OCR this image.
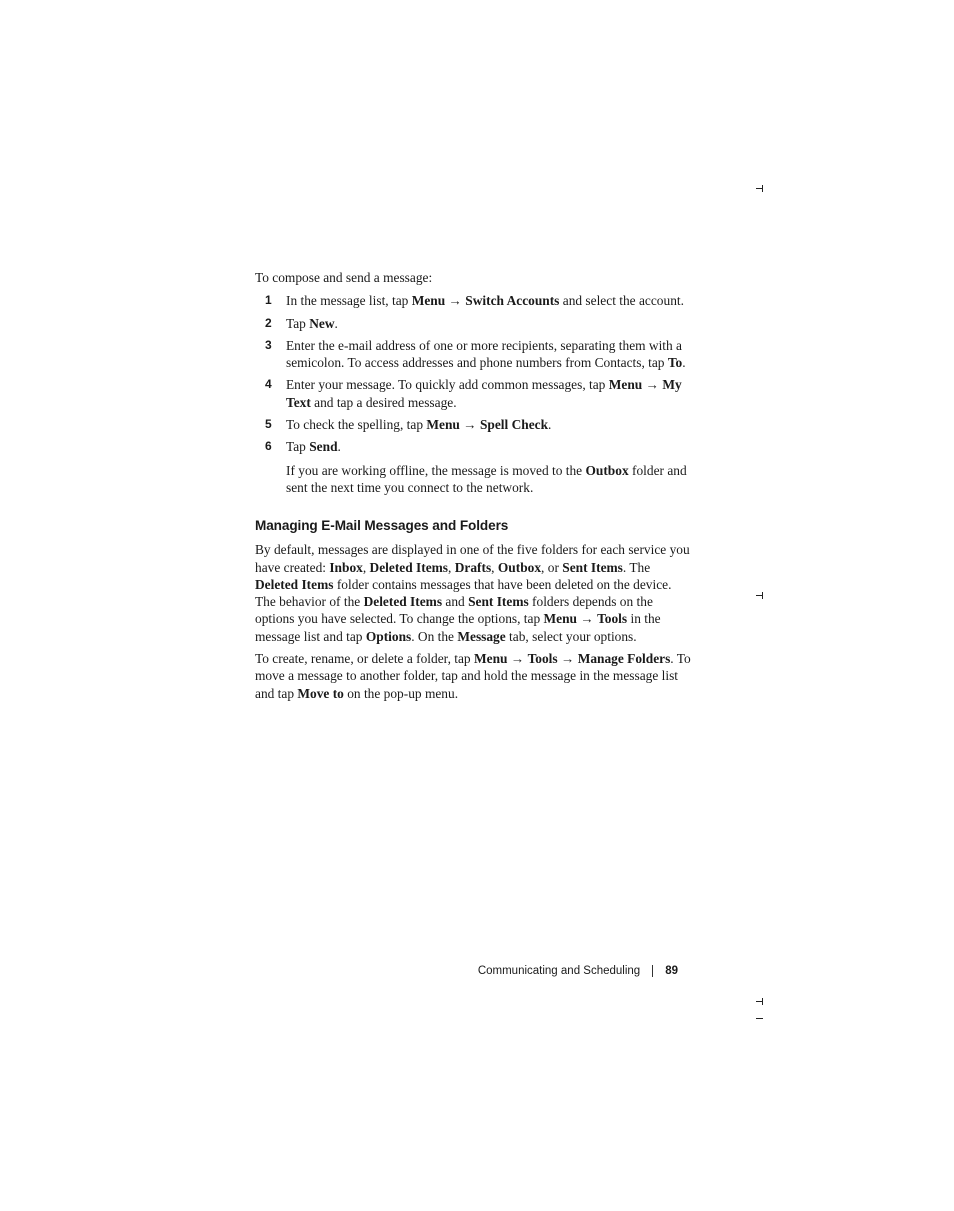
To compose and send a message:

1 In the message list, tap Menu → Switch Accounts and select the account.
2 Tap New.
3 Enter the e-mail address of one or more recipients, separating them with a semicolon. To access addresses and phone numbers from Contacts, tap To.
4 Enter your message. To quickly add common messages, tap Menu → My Text and tap a desired message.
5 To check the spelling, tap Menu → Spell Check.
6 Tap Send.

If you are working offline, the message is moved to the Outbox folder and sent the next time you connect to the network.

Managing E-Mail Messages and Folders

By default, messages are displayed in one of the five folders for each service you have created: Inbox, Deleted Items, Drafts, Outbox, or Sent Items. The Deleted Items folder contains messages that have been deleted on the device. The behavior of the Deleted Items and Sent Items folders depends on the options you have selected. To change the options, tap Menu → Tools in the message list and tap Options. On the Message tab, select your options.

To create, rename, or delete a folder, tap Menu → Tools → Manage Folders. To move a message to another folder, tap and hold the message in the message list and tap Move to on the pop-up menu.

Communicating and Scheduling 89
